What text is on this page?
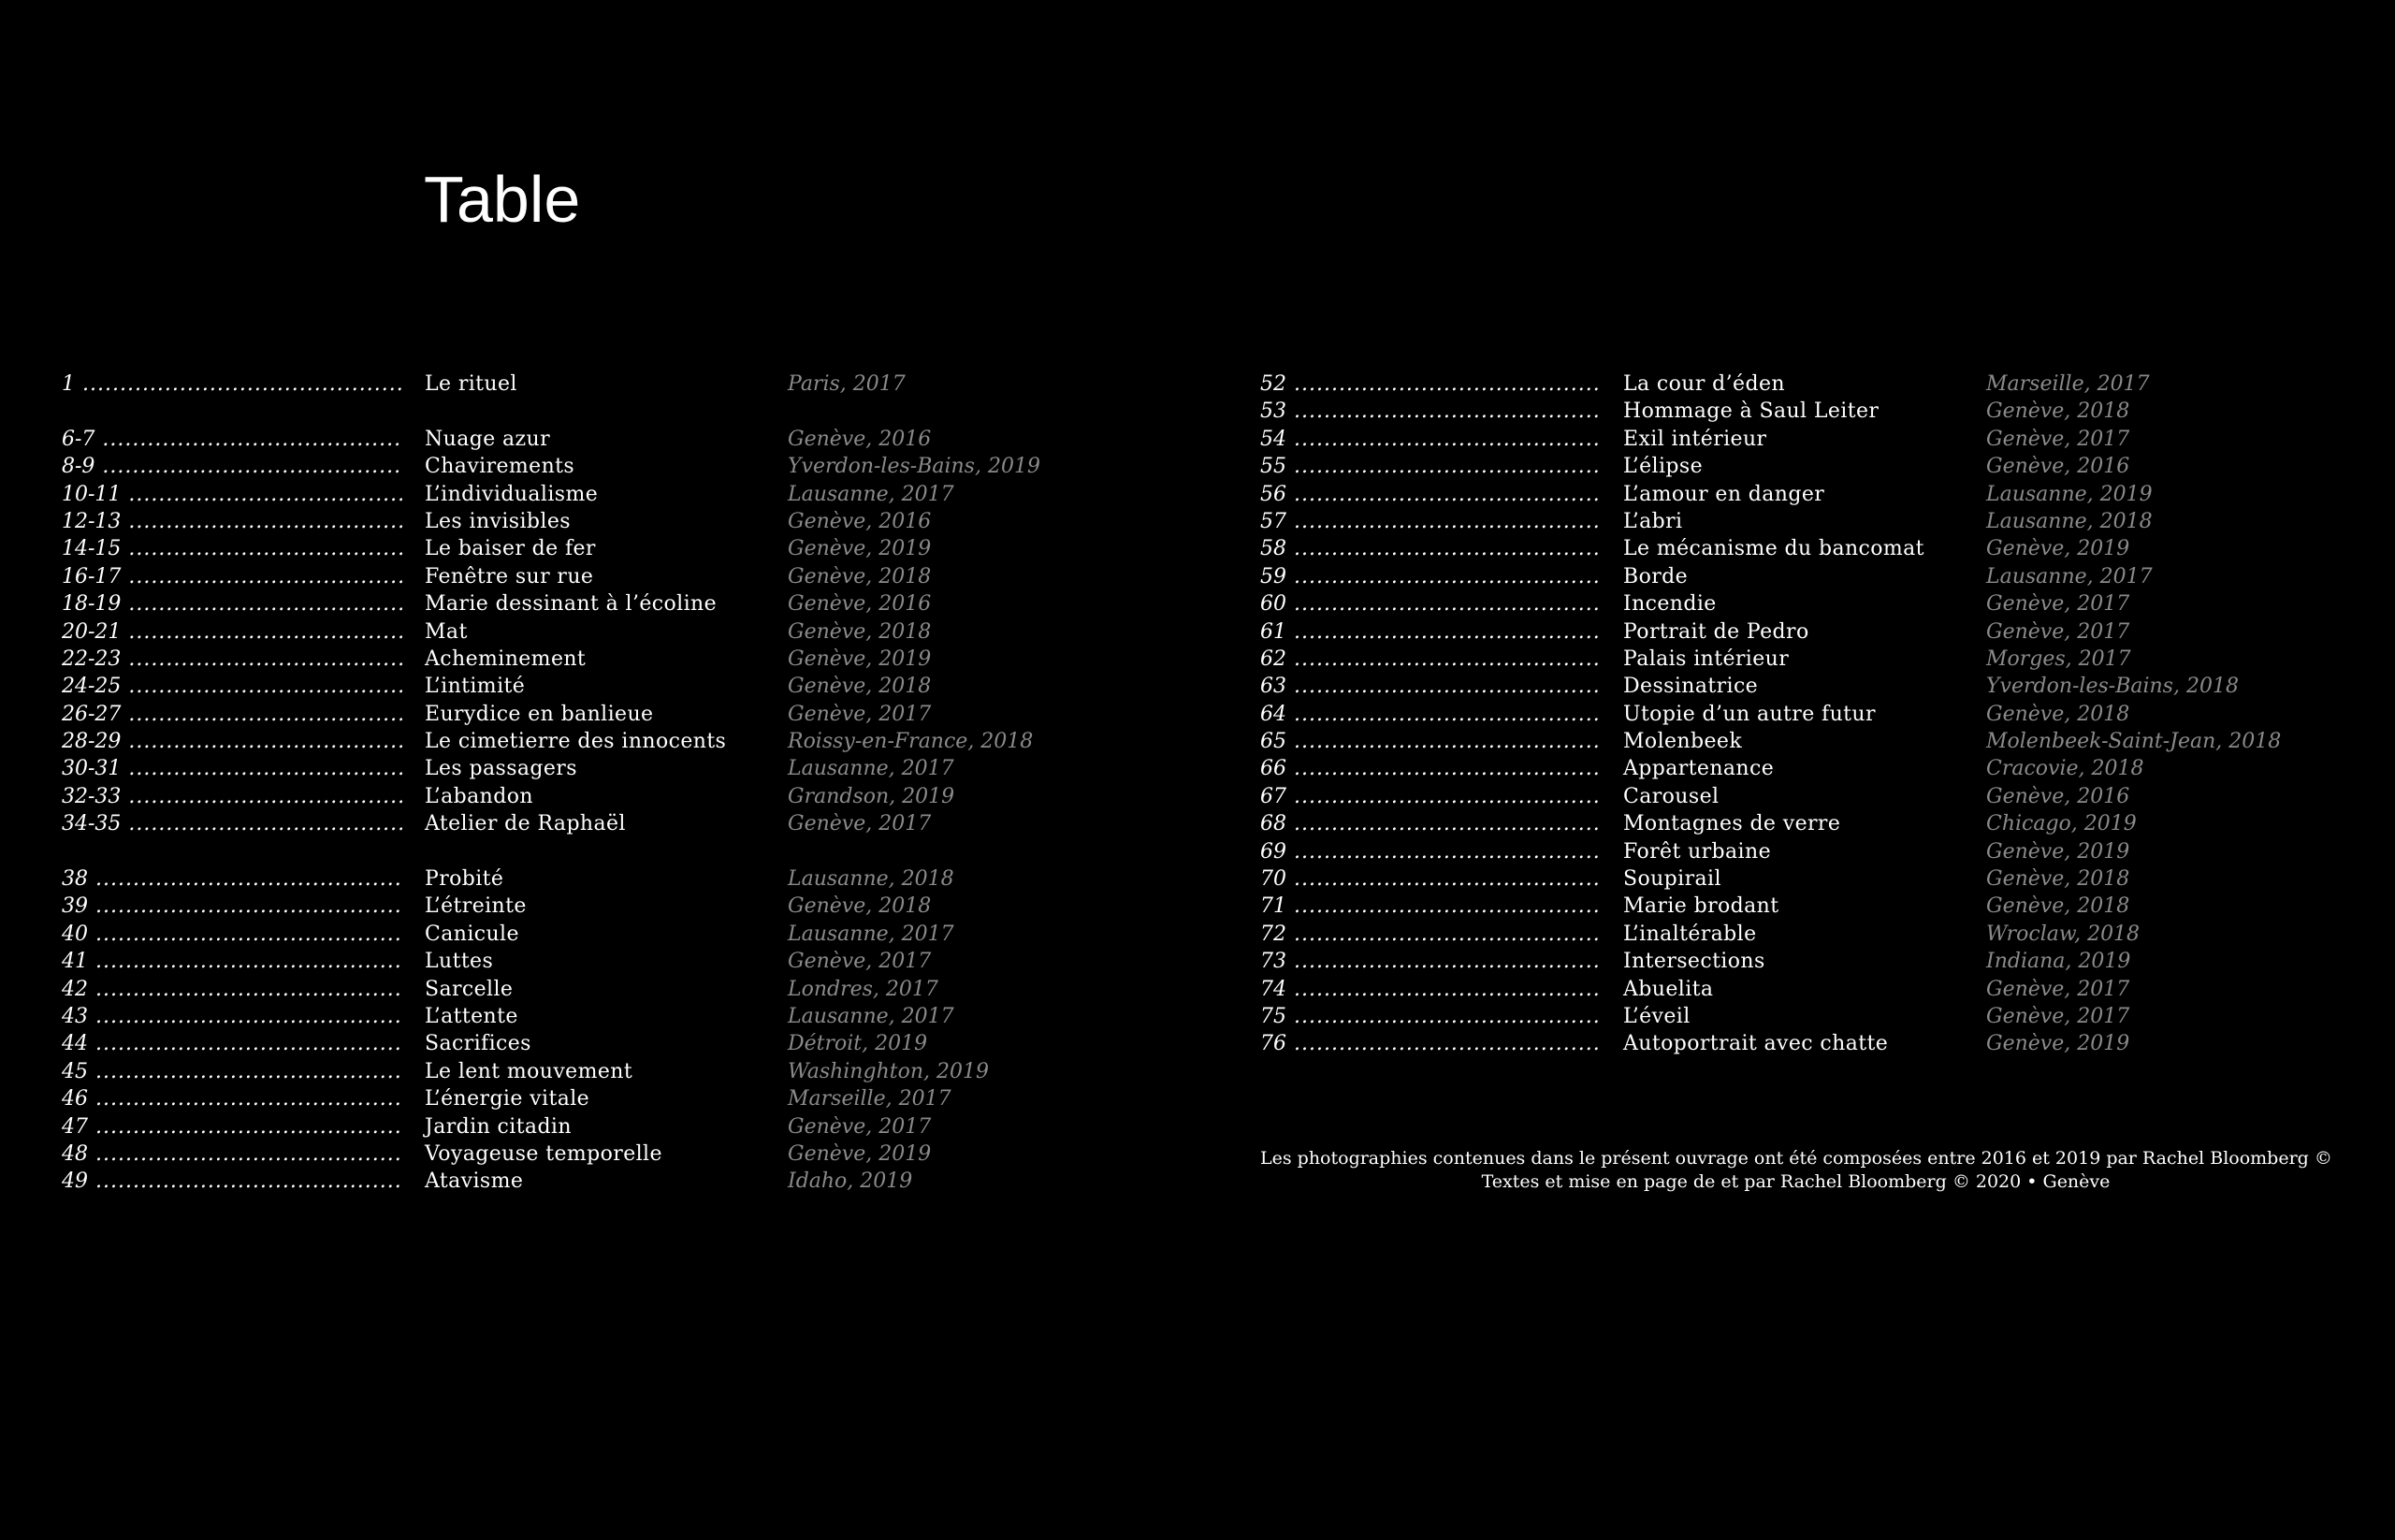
Table
1 .....	Le rituel	Paris, 2017
6-7 .....	Nuage azur	Genève, 2016
8-9 .....	Chavirements	Yverdon-les-Bains, 2019
10-11 .....	L’individualisme	Lausanne, 2017
12-13 .....	Les invisibles	Genève, 2016
14-15 .....	Le baiser de fer	Genève, 2019
16-17 .....	Fenêtre sur rue	Genève, 2018
18-19 .....	Marie dessinant à l’écoline	Genève, 2016
20-21 .....	Mat	Genève, 2018
22-23 .....	Acheminement	Genève, 2019
24-25 .....	L’intimité	Genève, 2018
26-27 .....	Eurydice en banlieue	Genève, 2017
28-29 .....	Le cimetierre des innocents	Roissy-en-France, 2018
30-31 .....	Les passagers	Lausanne, 2017
32-33 .....	L’abandon	Grandson, 2019
34-35 .....	Atelier de Raphaël	Genève, 2017
38 .....	Probité	Lausanne, 2018
39 .....	L’étreinte	Genève, 2018
40 .....	Canicule	Lausanne, 2017
41 .....	Luttes	Genève, 2017
42 .....	Sarcelle	Londres, 2017
43 .....	L’attente	Lausanne, 2017
44 .....	Sacrifices	Détroit, 2019
45 .....	Le lent mouvement	Washinghton, 2019
46 .....	L’énergie vitale	Marseille, 2017
47 .....	Jardin citadin	Genève, 2017
48 .....	Voyageuse temporelle	Genève, 2019
49 .....	Atavisme	Idaho, 2019
52 .....	La cour d’éden	Marseille, 2017
53 .....	Hommage à Saul Leiter	Genève, 2018
54 .....	Exil intérieur	Genève, 2017
55 .....	L’élipse	Genève, 2016
56 .....	L’amour en danger	Lausanne, 2019
57 .....	L’abri	Lausanne, 2018
58 .....	Le mécanisme du bancomat	Genève, 2019
59 .....	Borde	Lausanne, 2017
60 .....	Incendie	Genève, 2017
61 .....	Portrait de Pedro	Genève, 2017
62 .....	Palais intérieur	Morges, 2017
63 .....	Dessinatrice	Yverdon-les-Bains, 2018
64 .....	Utopie d’un autre futur	Genève, 2018
65 .....	Molenbeek	Molenbeek-Saint-Jean, 2018
66 .....	Appartenance	Cracovie, 2018
67 .....	Carousel	Genève, 2016
68 .....	Montagnes de verre	Chicago, 2019
69 .....	Forêt urbaine	Genève, 2019
70 .....	Soupirail	Genève, 2018
71 .....	Marie brodant	Genève, 2018
72 .....	L’inaltérable	Wroclaw, 2018
73 .....	Intersections	Indiana, 2019
74 .....	Abuelita	Genève, 2017
75 .....	L’éveil	Genève, 2017
76 .....	Autoportrait avec chatte	Genève, 2019
Les photographies contenues dans le présent ouvrage ont été composées entre 2016 et 2019 par Rachel Bloomberg ©
Textes et mise en page de et par Rachel Bloomberg © 2020 • Genève
